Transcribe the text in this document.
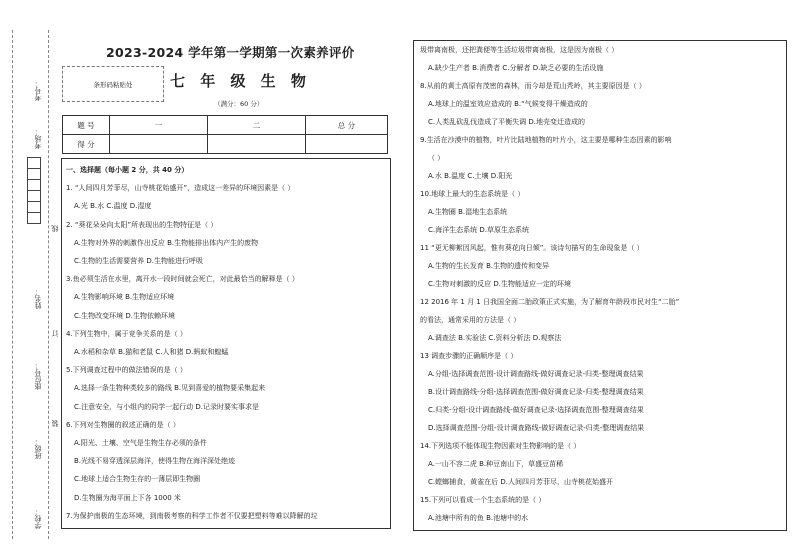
考号：
考场：
姓名：
座位号：
班级：
学校：
线
订
装
2023-2024 学年第一学期第一次素养评价
条形码粘贴处	七 年 级 生 物
（满分：60 分）
题 号	一	二	总 分
得 分			
一、选择题（每小题 2 分，共 40 分）
1. “人间四月芳菲尽，山寺桃花始盛开”，造成这一差异的环境因素是（ ）
A.光 B.水 C.温度 D.湿度
2. “葵花朵朵向太阳”所表现出的生物特征是（ ）
A.生物对外界的刺激作出反应 B.生物能排出体内产生的废物
C.生物的生活需要营养 D.生物能进行呼吸
3.鱼必须生活在水里，离开水一段时间就会死亡，对此最恰当的解释是（ ）
A.生物影响环境 B.生物适应环境
C.生物改变环境 D.生物依赖环境
4.下列生物中，属于竞争关系的是（ ）
A.水稻和杂草 B.猫和老鼠 C.人和猪 D.蚂蚁和蝗蜢
5.下列调查过程中的做法错误的是（ ）
A.选择一条生物种类较多的路线 B.见到喜爱的植物要采集起来
C.注意安全，与小组内的同学一起行动 D.记录时要实事求是
6.下列对生物圈的叙述正确的是（ ）
A.阳光、土壤、空气是生物生存必须的条件
B.光线不易穿透深层海洋，使得生物在海洋深处绝迹
C.地球上适合生物生存的一薄层即生物圈
D.生物圈为海平面上下各 1000 米
7.为保护南极的生态环境，到南极考察的科学工作者不仅要把塑料等难以降解的垃
圾带离南极，还把粪便等生活垃圾带离南极，这是因为南极（ ）
A.缺少生产者 B.消费者 C.分解者 D.缺乏必要的生活设施
8.从前的黄土高原有茂密的森林，而今却是荒山秃岭，其主要原因是（ ）
A.地球上的温室效应造成的 B.“气候变得干燥造成的
C.人类乱砍乱伐造成了平衡失调 D.地壳变迁造成的
9.生活在沙漠中的植物，叶片比陆地植物的叶片小，这主要是哪种生态因素的影响
（ ）
A.水 B.温度 C.土壤 D.阳光
10.地球上最大的生态系统是（ ）
A.生物圈 B.湿地生态系统
C.海洋生态系统 D.草原生态系统
11 “更无柳絮因风起，惟有葵花向日倾”。该诗句描写的生命现象是（ ）
A.生物的生长发育 B.生物的遗传和变异
C.生物对刺激的反应 D.生物能适应一定的环境
12 2016 年 1 月 1 日我国全面二胎政策正式实施，为了解育年龄段市民对生“二胎”
的看法，通常采用的方法是（ ）
A.调查法 B.实验法 C.资料分析法 D.观察法
13 调查步骤的正确顺序是（ ）
A.分组-选择调查范围-设计调查路线-做好调查记录-归类-整理调查结果
B.设计调查路线-分组-选择调查范围-做好调查记录-归类-整理调查结果
C.归类-分组-设计调查路线-做好调查记录-选择调查范围-整理调查结果
D.选择调查范围-分组-设计调查路线-做好调查记录-归类-整理调查结果
14.下列选项不能体现生物因素对生物影响的是（ ）
A.一山不容二虎 B.种豆南山下，草盛豆苗稀
C.螳螂捕食，黄雀在后 D.人间四月芳菲尽，山寺桃花始盛开
15.下列可以看成一个生态系统的是（ ）
A.池塘中所有的鱼 B.池塘中的水
